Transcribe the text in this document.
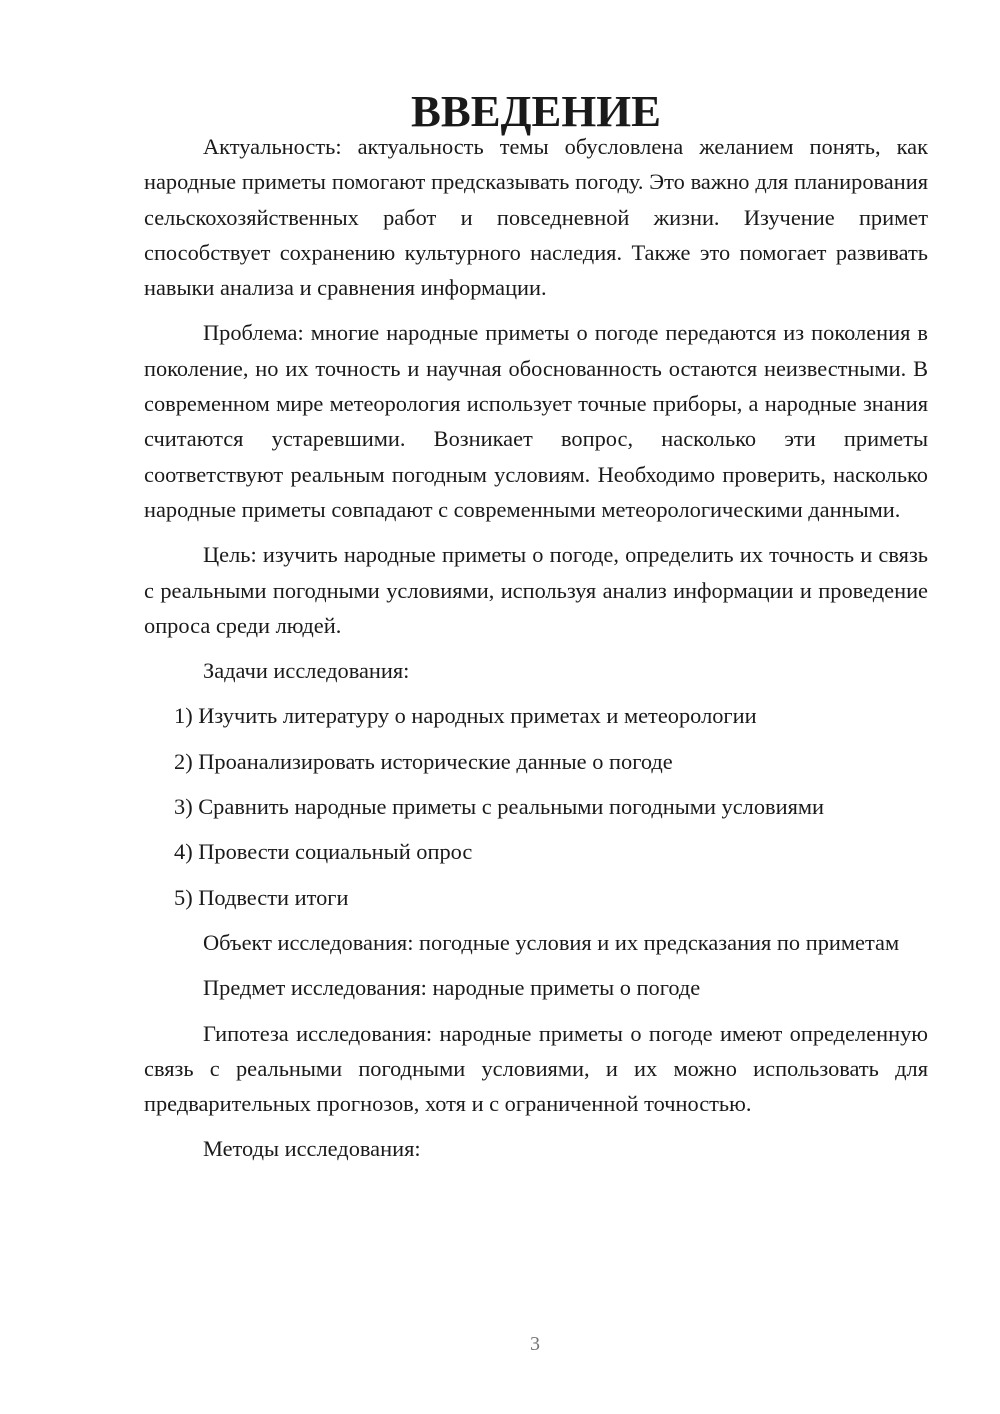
ВВЕДЕНИЕ

Актуальность: актуальность темы обусловлена желанием понять, как народные приметы помогают предсказывать погоду. Это важно для планирования сельскохозяйственных работ и повседневной жизни. Изучение примет способствует сохранению культурного наследия. Также это помогает развивать навыки анализа и сравнения информации.

Проблема: многие народные приметы о погоде передаются из поколения в поколение, но их точность и научная обоснованность остаются неизвестными. В современном мире метеорология использует точные приборы, а народные знания считаются устаревшими. Возникает вопрос, насколько эти приметы соответствуют реальным погодным условиям. Необходимо проверить, насколько народные приметы совпадают с современными метеорологическими данными.

Цель: изучить народные приметы о погоде, определить их точность и связь с реальными погодными условиями, используя анализ информации и проведение опроса среди людей.

Задачи исследования:
1) Изучить литературу о народных приметах и метеорологии
2) Проанализировать исторические данные о погоде
3) Сравнить народные приметы с реальными погодными условиями
4) Провести социальный опрос
5) Подвести итоги

Объект исследования: погодные условия и их предсказания по приметам

Предмет исследования: народные приметы о погоде

Гипотеза исследования: народные приметы о погоде имеют определенную связь с реальными погодными условиями, и их можно использовать для предварительных прогнозов, хотя и с ограниченной точностью.

Методы исследования:
3
